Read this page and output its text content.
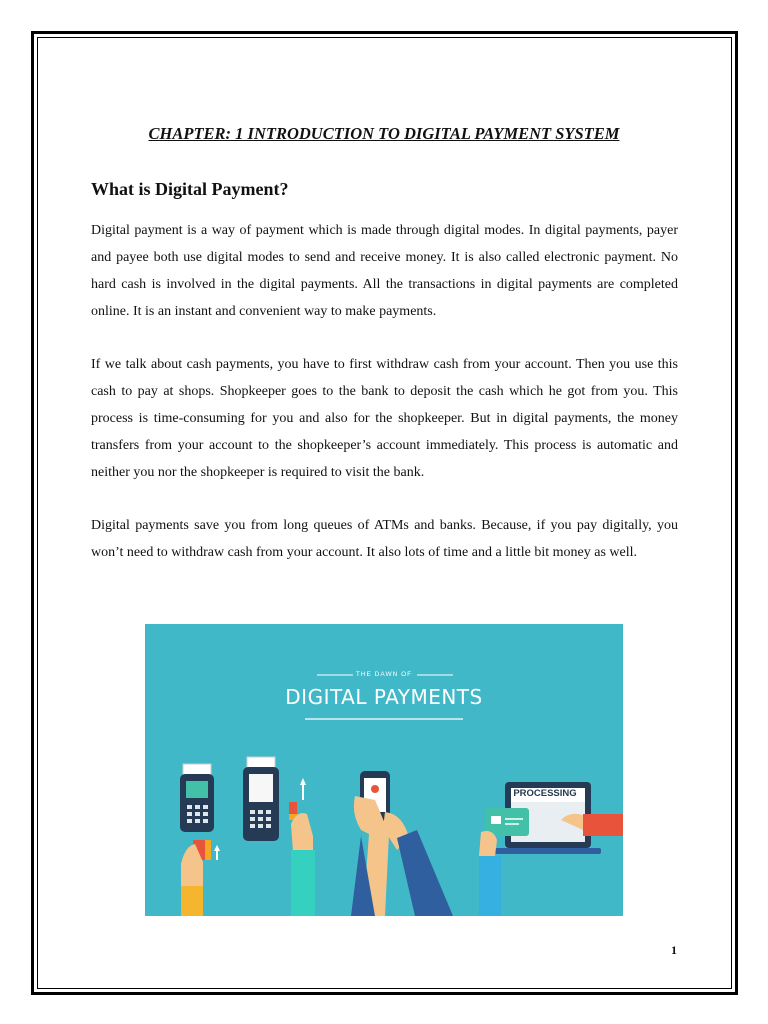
CHAPTER: 1 INTRODUCTION TO DIGITAL PAYMENT SYSTEM
What is Digital Payment?

Digital payment is a way of payment which is made through digital modes. In digital payments, payer and payee both use digital modes to send and receive money. It is also called electronic payment. No hard cash is involved in the digital payments. All the transactions in digital payments are completed online. It is an instant and convenient way to make payments.

If we talk about cash payments, you have to first withdraw cash from your account. Then you use this cash to pay at shops. Shopkeeper goes to the bank to deposit the cash which he got from you. This process is time-consuming for you and also for the shopkeeper. But in digital payments, the money transfers from your account to the shopkeeper’s account immediately. This process is automatic and neither you nor the shopkeeper is required to visit the bank.

Digital payments save you from long queues of ATMs and banks. Because, if you pay digitally, you won’t need to withdraw cash from your account. It also lots of time and a little bit money as well.

THE DAWN OF

DIGITAL PAYMENTS

PROCESSING

1
